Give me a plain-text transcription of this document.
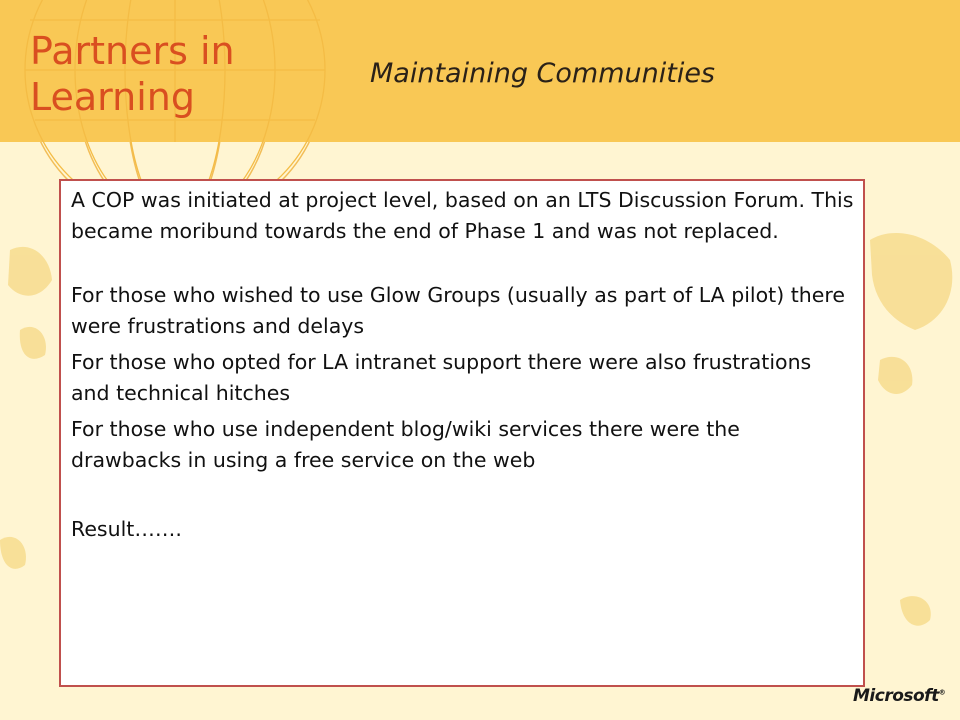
Partners in
Learning
Maintaining Communities

A COP was initiated at project level, based on an LTS Discussion Forum. This became moribund towards the end of Phase 1 and was not replaced.

For those who wished to use Glow Groups (usually as part of LA pilot) there were frustrations and delays

For those who opted for LA intranet support there were also frustrations and technical hitches

For those who use independent blog/wiki services there were the drawbacks in using a free service on the web

Result…….

Microsoft®
